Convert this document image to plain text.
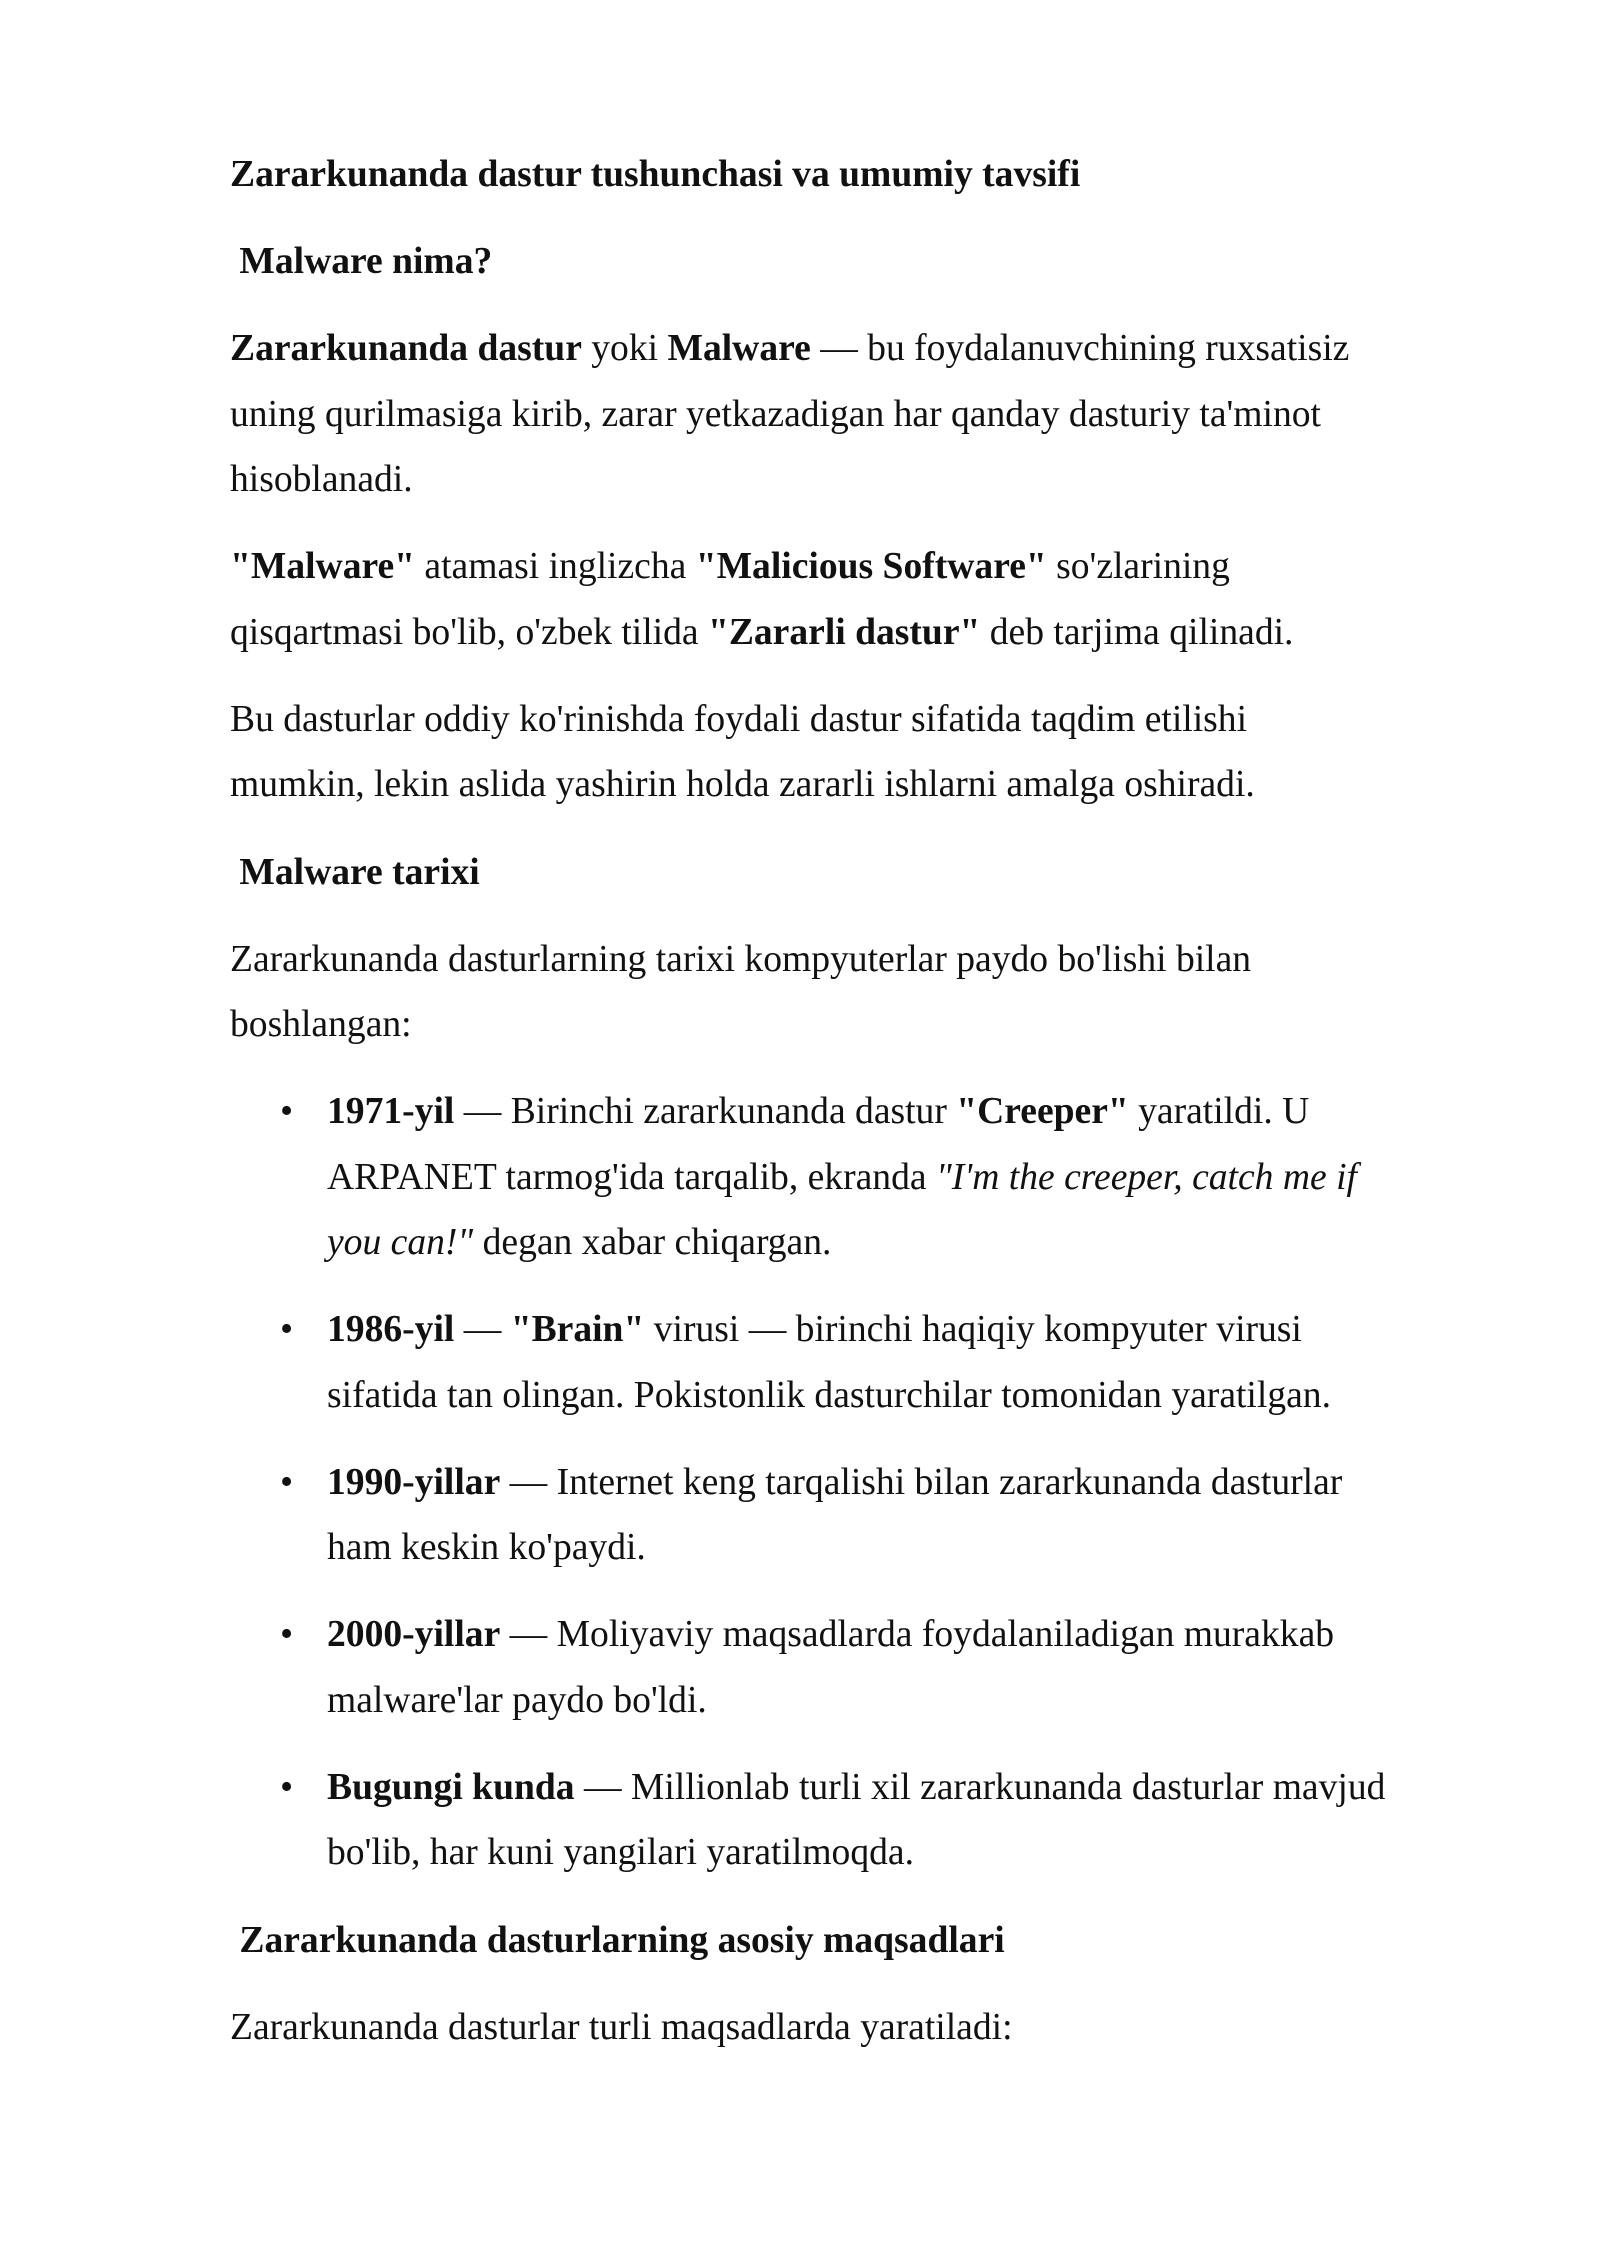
Zararkunanda dastur tushunchasi va umumiy tavsifi
Malware nima?
Zararkunanda dastur yoki Malware — bu foydalanuvchining ruxsatisiz
uning qurilmasiga kirib, zarar yetkazadigan har qanday dasturiy ta'minot
hisoblanadi.
"Malware" atamasi inglizcha "Malicious Software" so'zlarining
qisqartmasi bo'lib, o'zbek tilida "Zararli dastur" deb tarjima qilinadi.
Bu dasturlar oddiy ko'rinishda foydali dastur sifatida taqdim etilishi
mumkin, lekin aslida yashirin holda zararli ishlarni amalga oshiradi.
Malware tarixi
Zararkunanda dasturlarning tarixi kompyuterlar paydo bo'lishi bilan
boshlangan:
•
1971-yil — Birinchi zararkunanda dastur "Creeper" yaratildi. U
ARPANET tarmog'ida tarqalib, ekranda "I'm the creeper, catch me if
you can!" degan xabar chiqargan.
•
1986-yil — "Brain" virusi — birinchi haqiqiy kompyuter virusi
sifatida tan olingan. Pokistonlik dasturchilar tomonidan yaratilgan.
•
1990-yillar — Internet keng tarqalishi bilan zararkunanda dasturlar
ham keskin ko'paydi.
•
2000-yillar — Moliyaviy maqsadlarda foydalaniladigan murakkab
malware'lar paydo bo'ldi.
•
Bugungi kunda — Millionlab turli xil zararkunanda dasturlar mavjud
bo'lib, har kuni yangilari yaratilmoqda.
Zararkunanda dasturlarning asosiy maqsadlari
Zararkunanda dasturlar turli maqsadlarda yaratiladi:
